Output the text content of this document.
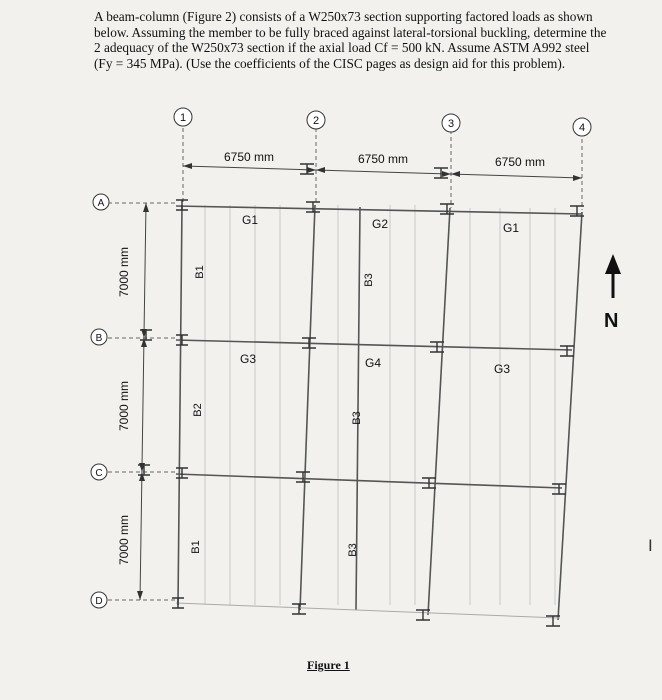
A beam-column (Figure 2) consists of a W250x73 section supporting factored loads as shown

below. Assuming the member to be fully braced against lateral-torsional buckling, determine the

2 adequacy of the W250x73 section if the axial load Cf = 500 kN. Assume ASTM A992 steel

(Fy = 345 MPa). (Use the coefficients of the CISC pages as design aid for this problem).

1	2	3	4
A
B
C
D
6750 mm	6750 mm	6750 mm
7000 mm
7000 mm
7000 mm
G1	G2	G1
G3	G4	G3
B1
B3
B2
B3
B1	B3
N
Figure 1
I
